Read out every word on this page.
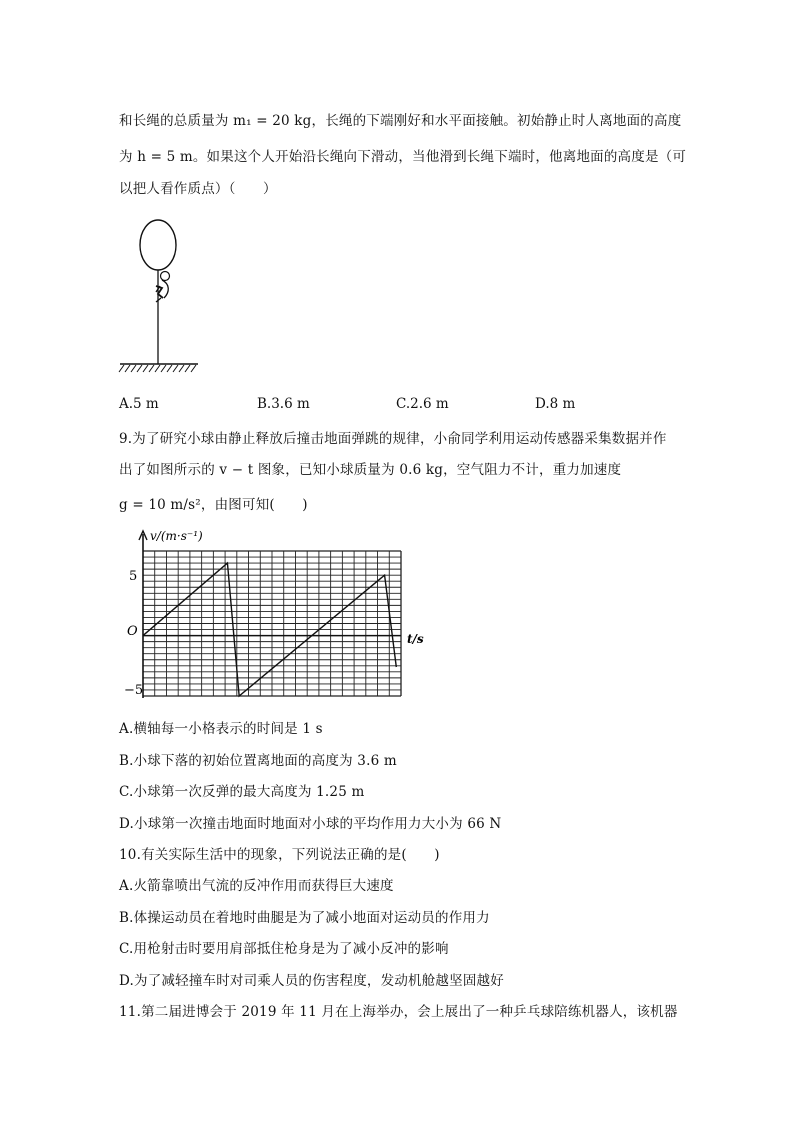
和长绳的总质量为 m₁ = 20 kg，长绳的下端刚好和水平面接触。初始静止时人离地面的高度
为 h = 5 m。如果这个人开始沿长绳向下滑动，当他滑到长绳下端时，他离地面的高度是（可
以把人看作质点）（　　）
A.5 m	B.3.6 m	C.2.6 m	D.8 m
9.为了研究小球由静止释放后撞击地面弹跳的规律，小俞同学利用运动传感器采集数据并作
出了如图所示的 v − t 图象，已知小球质量为 0.6 kg，空气阻力不计，重力加速度
g = 10 m/s²，由图可知(　　)
v/(m·s⁻¹)
t/s
O
5
−5
A.横轴每一小格表示的时间是 1 s
B.小球下落的初始位置离地面的高度为 3.6 m
C.小球第一次反弹的最大高度为 1.25 m
D.小球第一次撞击地面时地面对小球的平均作用力大小为 66 N
10.有关实际生活中的现象，下列说法正确的是(　　)
A.火箭靠喷出气流的反冲作用而获得巨大速度
B.体操运动员在着地时曲腿是为了减小地面对运动员的作用力
C.用枪射击时要用肩部抵住枪身是为了减小反冲的影响
D.为了减轻撞车时对司乘人员的伤害程度，发动机舱越坚固越好
11.第二届进博会于 2019 年 11 月在上海举办，会上展出了一种乒乓球陪练机器人，该机器
